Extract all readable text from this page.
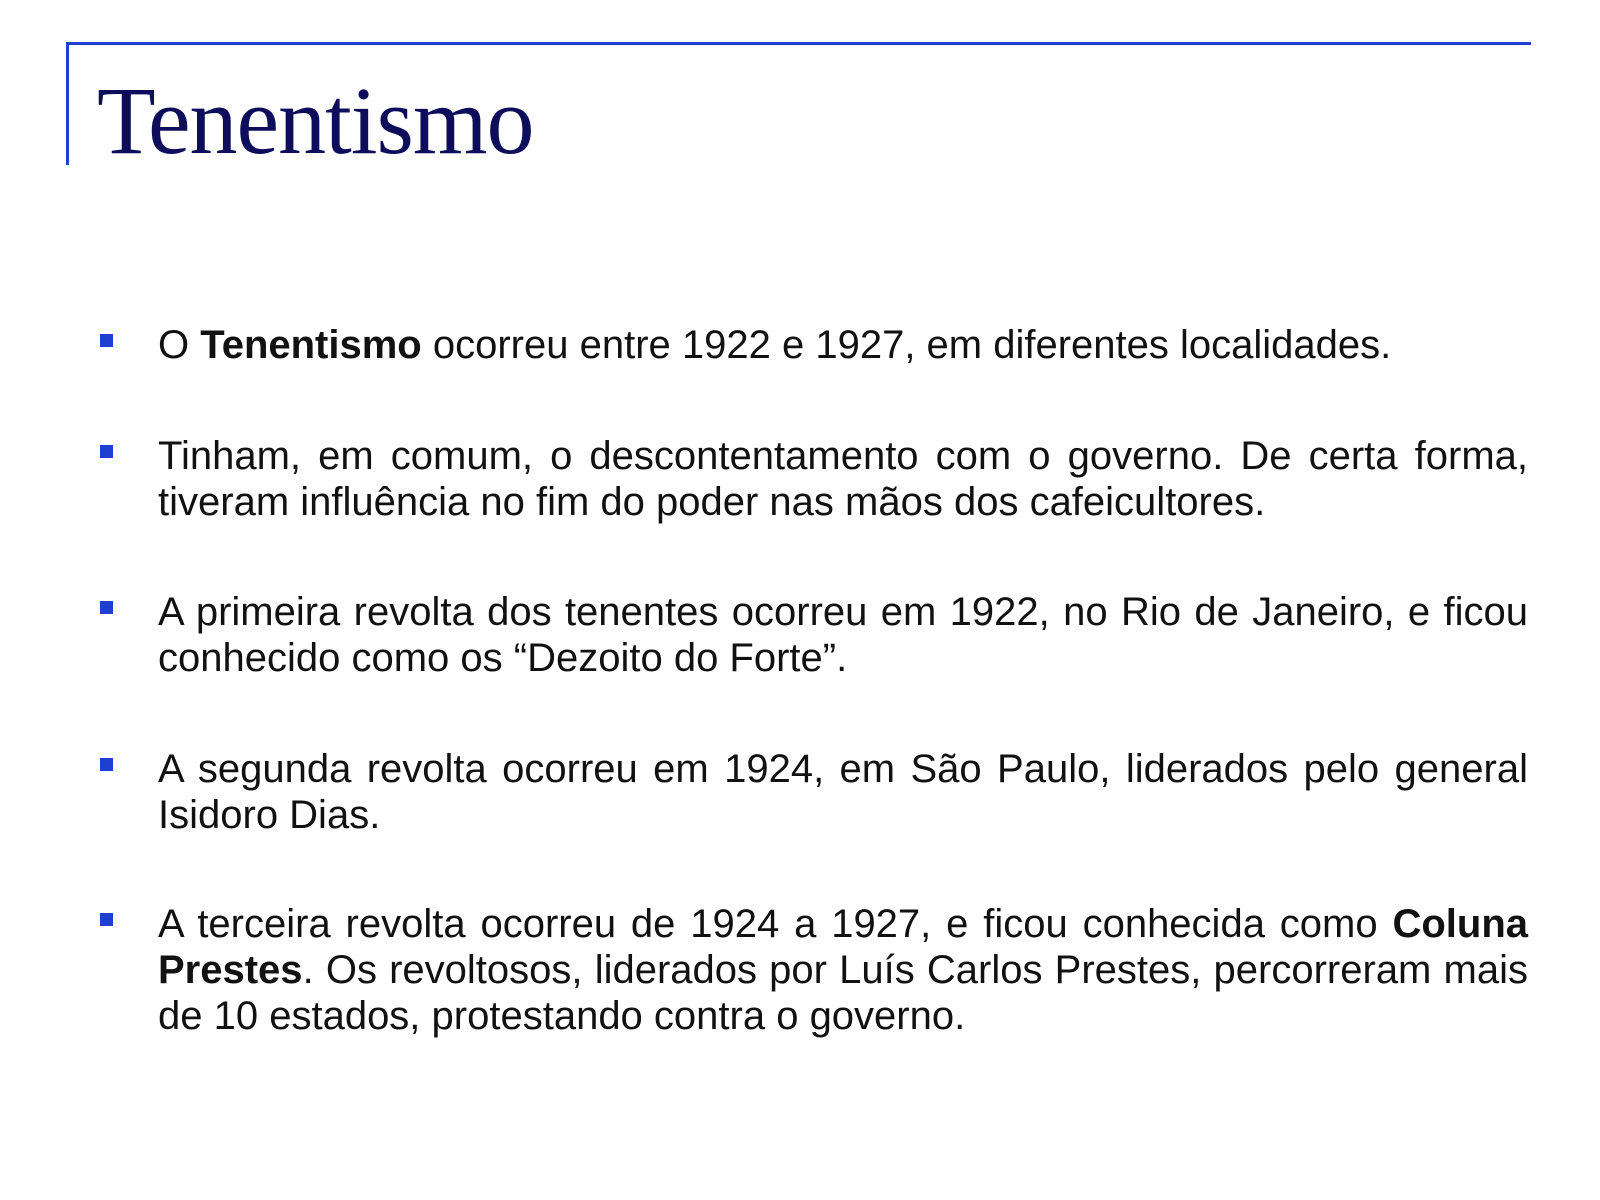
Tenentismo

O Tenentismo ocorreu entre 1922 e 1927, em diferentes localidades.

Tinham, em comum, o descontentamento com o governo. De certa forma, tiveram influência no fim do poder nas mãos dos cafeicultores.

A primeira revolta dos tenentes ocorreu em 1922, no Rio de Janeiro, e ficou conhecido como os “Dezoito do Forte”.

A segunda revolta ocorreu em 1924, em São Paulo, liderados pelo general Isidoro Dias.

A terceira revolta ocorreu de 1924 a 1927, e ficou conhecida como Coluna Prestes. Os revoltosos, liderados por Luís Carlos Prestes, percorreram mais de 10 estados, protestando contra o governo.
